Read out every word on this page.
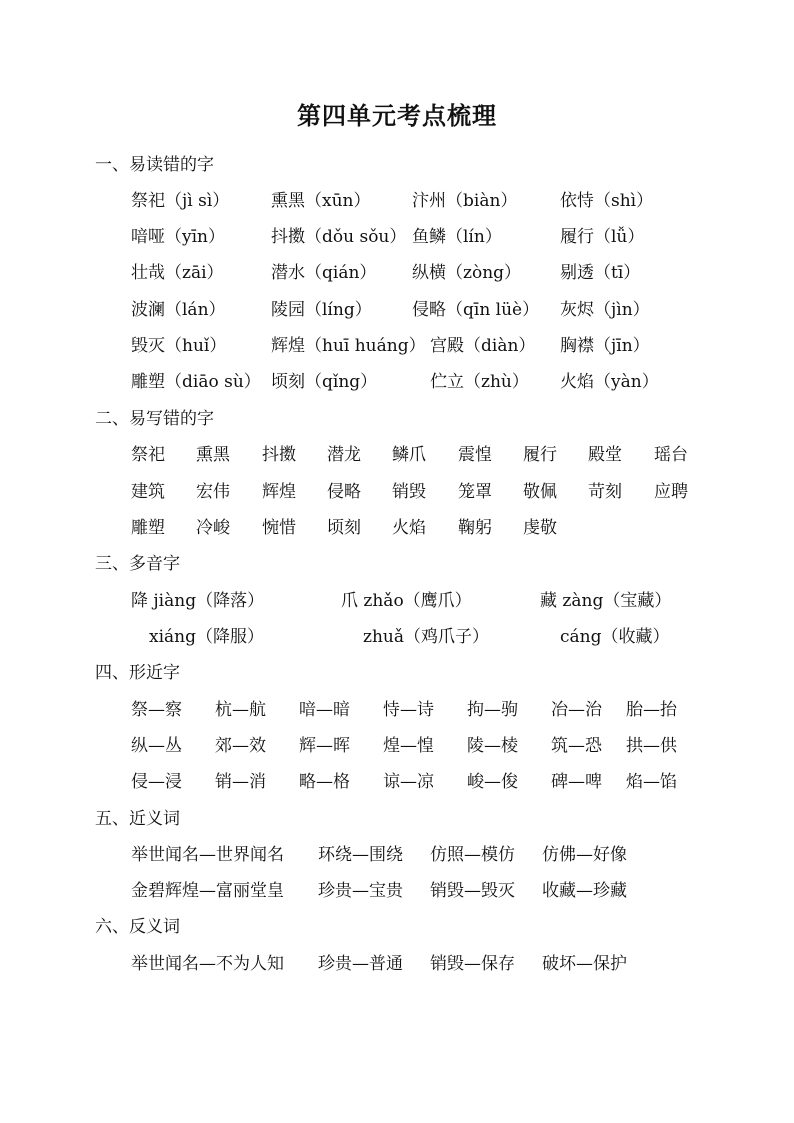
第四单元考点梳理
一、易读错的字
祭祀（jì sì） 熏黑（xūn） 汴州（biàn）	依恃（shì）
喑哑（yīn）	抖擞（dǒu sǒu） 鱼鳞（lín）	履行（lǚ）
壮哉（zāi）	潜水（qián） 纵横（zòng） 剔透（tī）
波澜（lán）	陵园（líng） 侵略（qīn lüè） 灰烬（jìn）
毁灭（huǐ）	辉煌（huī huáng） 宫殿（diàn） 胸襟（jīn）
雕塑（diāo sù） 顷刻（qǐng）	伫立（zhù） 火焰（yàn）
二、易写错的字
祭祀 熏黑 抖擞 潜龙 鳞爪 震惶 履行 殿堂 瑶台
建筑 宏伟 辉煌 侵略 销毁 笼罩 敬佩 苛刻 应聘
雕塑 冷峻 惋惜 顷刻 火焰 鞠躬 虔敬
三、多音字
降 jiàng（降落）	爪 zhǎo（鹰爪）	藏 zàng（宝藏）
xiáng（降服）	zhuǎ（鸡爪子）	cáng（收藏）
四、形近字
祭—察 杭—航 喑—暗 恃—诗 拘—驹 冶—治 胎—抬
纵—丛 郊—效 辉—晖 煌—惶 陵—棱 筑—恐 拱—供
侵—浸 销—消 略—格 谅—凉 峻—俊 碑—啤 焰—馅
五、近义词
举世闻名—世界闻名 环绕—围绕 仿照—模仿 仿佛—好像
金碧辉煌—富丽堂皇 珍贵—宝贵 销毁—毁灭 收藏—珍藏
六、反义词
举世闻名—不为人知 珍贵—普通 销毁—保存 破坏—保护
